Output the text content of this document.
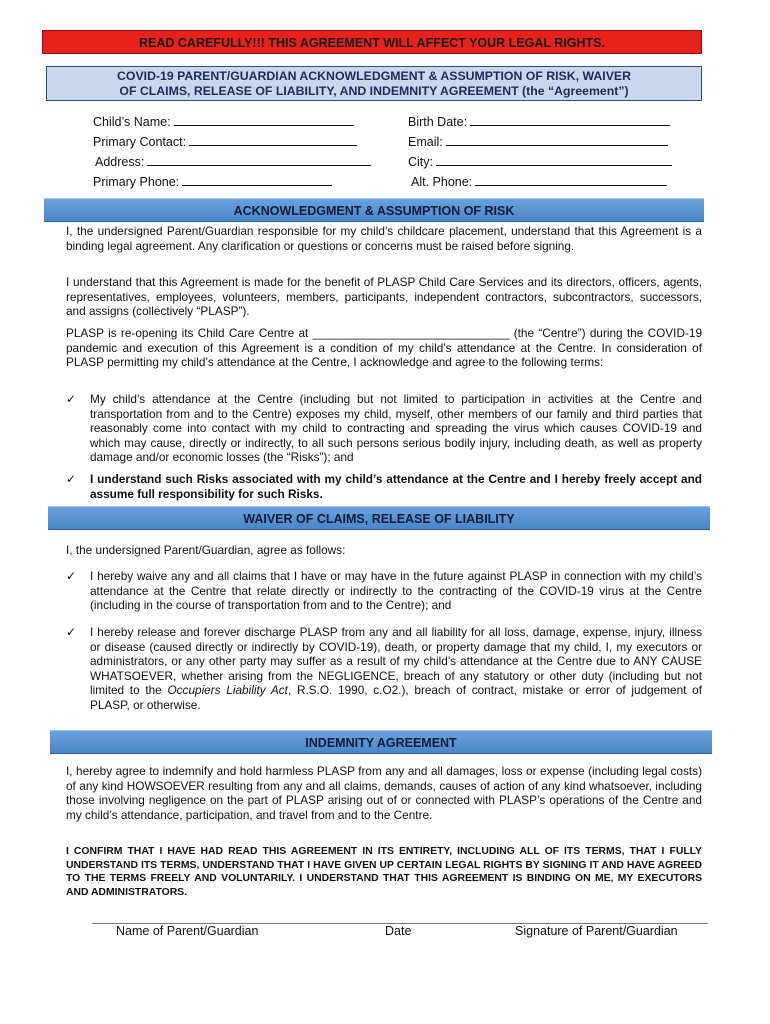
READ CAREFULLY!!! THIS AGREEMENT WILL AFFECT YOUR LEGAL RIGHTS.
COVID-19 PARENT/GUARDIAN ACKNOWLEDGMENT & ASSUMPTION OF RISK, WAIVER
OF CLAIMS, RELEASE OF LIABILITY, AND INDEMNITY AGREEMENT (the “Agreement”)
Child’s Name:	Birth Date:
Primary Contact:	Email:
Address:	City:
Primary Phone:	Alt. Phone:
ACKNOWLEDGMENT & ASSUMPTION OF RISK
I, the undersigned Parent/Guardian responsible for my child’s childcare placement, understand that this Agreement is a binding legal agreement. Any clarification or questions or concerns must be raised before signing.
I understand that this Agreement is made for the benefit of PLASP Child Care Services and its directors, officers, agents, representatives, employees, volunteers, members, participants, independent contractors, subcontractors, successors, and assigns (collectively “PLASP”).
PLASP is re-opening its Child Care Centre at ______________________________ (the “Centre”) during the COVID-19 pandemic and execution of this Agreement is a condition of my child’s attendance at the Centre. In consideration of PLASP permitting my child’s attendance at the Centre, I acknowledge and agree to the following terms:
✓ My child’s attendance at the Centre (including but not limited to participation in activities at the Centre and transportation from and to the Centre) exposes my child, myself, other members of our family and third parties that reasonably come into contact with my child to contracting and spreading the virus which causes COVID-19 and which may cause, directly or indirectly, to all such persons serious bodily injury, including death, as well as property damage and/or economic losses (the “Risks”); and
✓ I understand such Risks associated with my child’s attendance at the Centre and I hereby freely accept and assume full responsibility for such Risks.
WAIVER OF CLAIMS, RELEASE OF LIABILITY
I, the undersigned Parent/Guardian, agree as follows:
✓ I hereby waive any and all claims that I have or may have in the future against PLASP in connection with my child’s attendance at the Centre that relate directly or indirectly to the contracting of the COVID-19 virus at the Centre (including in the course of transportation from and to the Centre); and
✓ I hereby release and forever discharge PLASP from any and all liability for all loss, damage, expense, injury, illness or disease (caused directly or indirectly by COVID-19), death, or property damage that my child, I, my executors or administrators, or any other party may suffer as a result of my child’s attendance at the Centre due to ANY CAUSE WHATSOEVER, whether arising from the NEGLIGENCE, breach of any statutory or other duty (including but not limited to the Occupiers Liability Act, R.S.O. 1990, c.O2.), breach of contract, mistake or error of judgement of PLASP, or otherwise.
INDEMNITY AGREEMENT
I, hereby agree to indemnify and hold harmless PLASP from any and all damages, loss or expense (including legal costs) of any kind HOWSOEVER resulting from any and all claims, demands, causes of action of any kind whatsoever, including those involving negligence on the part of PLASP arising out of or connected with PLASP’s operations of the Centre and my child’s attendance, participation, and travel from and to the Centre.
I CONFIRM THAT I HAVE HAD READ THIS AGREEMENT IN ITS ENTIRETY, INCLUDING ALL OF ITS TERMS, THAT I FULLY UNDERSTAND ITS TERMS, UNDERSTAND THAT I HAVE GIVEN UP CERTAIN LEGAL RIGHTS BY SIGNING IT AND HAVE AGREED TO THE TERMS FREELY AND VOLUNTARILY. I UNDERSTAND THAT THIS AGREEMENT IS BINDING ON ME, MY EXECUTORS AND ADMINISTRATORS.
Name of Parent/Guardian	Date	Signature of Parent/Guardian
